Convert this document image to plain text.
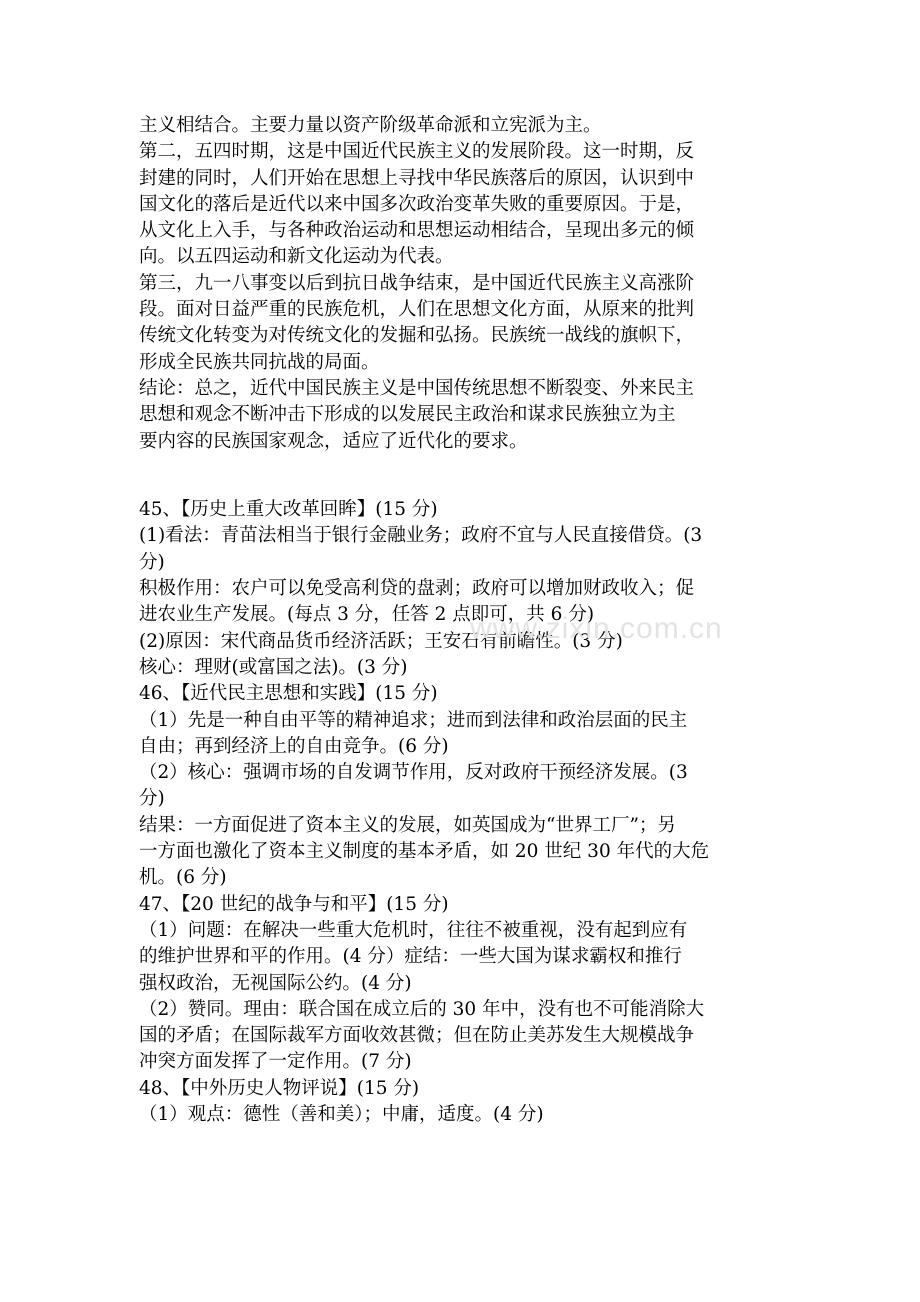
主义相结合。主要力量以资产阶级革命派和立宪派为主。
第二，五四时期，这是中国近代民族主义的发展阶段。这一时期，反
封建的同时，人们开始在思想上寻找中华民族落后的原因，认识到中
国文化的落后是近代以来中国多次政治变革失败的重要原因。于是，
从文化上入手，与各种政治运动和思想运动相结合，呈现出多元的倾
向。以五四运动和新文化运动为代表。
第三，九一八事变以后到抗日战争结束，是中国近代民族主义高涨阶
段。面对日益严重的民族危机，人们在思想文化方面，从原来的批判
传统文化转变为对传统文化的发掘和弘扬。民族统一战线的旗帜下，
形成全民族共同抗战的局面。
结论：总之，近代中国民族主义是中国传统思想不断裂变、外来民主
思想和观念不断冲击下形成的以发展民主政治和谋求民族独立为主
要内容的民族国家观念，适应了近代化的要求。
45、【历史上重大改革回眸】(15 分)
(1)看法：青苗法相当于银行金融业务；政府不宜与人民直接借贷。(3
分)
积极作用：农户可以免受高利贷的盘剥；政府可以增加财政收入；促
进农业生产发展。(每点 3 分，任答 2 点即可，共 6 分)
(2)原因：宋代商品货币经济活跃；王安石有前瞻性。(3 分)
核心：理财(或富国之法)。(3 分)
46、【近代民主思想和实践】(15 分)
（1）先是一种自由平等的精神追求；进而到法律和政治层面的民主
自由；再到经济上的自由竞争。(6 分)
（2）核心：强调市场的自发调节作用，反对政府干预经济发展。(3
分)
结果：一方面促进了资本主义的发展，如英国成为“世界工厂”；另
一方面也激化了资本主义制度的基本矛盾，如 20 世纪 30 年代的大危
机。(6 分)
47、【20 世纪的战争与和平】(15 分)
（1）问题：在解决一些重大危机时，往往不被重视，没有起到应有
的维护世界和平的作用。(4 分）症结：一些大国为谋求霸权和推行
强权政治，无视国际公约。(4 分)
（2）赞同。理由：联合国在成立后的 30 年中，没有也不可能消除大
国的矛盾；在国际裁军方面收效甚微；但在防止美苏发生大规模战争
冲突方面发挥了一定作用。(7 分)
48、【中外历史人物评说】(15 分)
（1）观点：德性（善和美）；中庸，适度。(4 分)
www.zixin.com.cn
